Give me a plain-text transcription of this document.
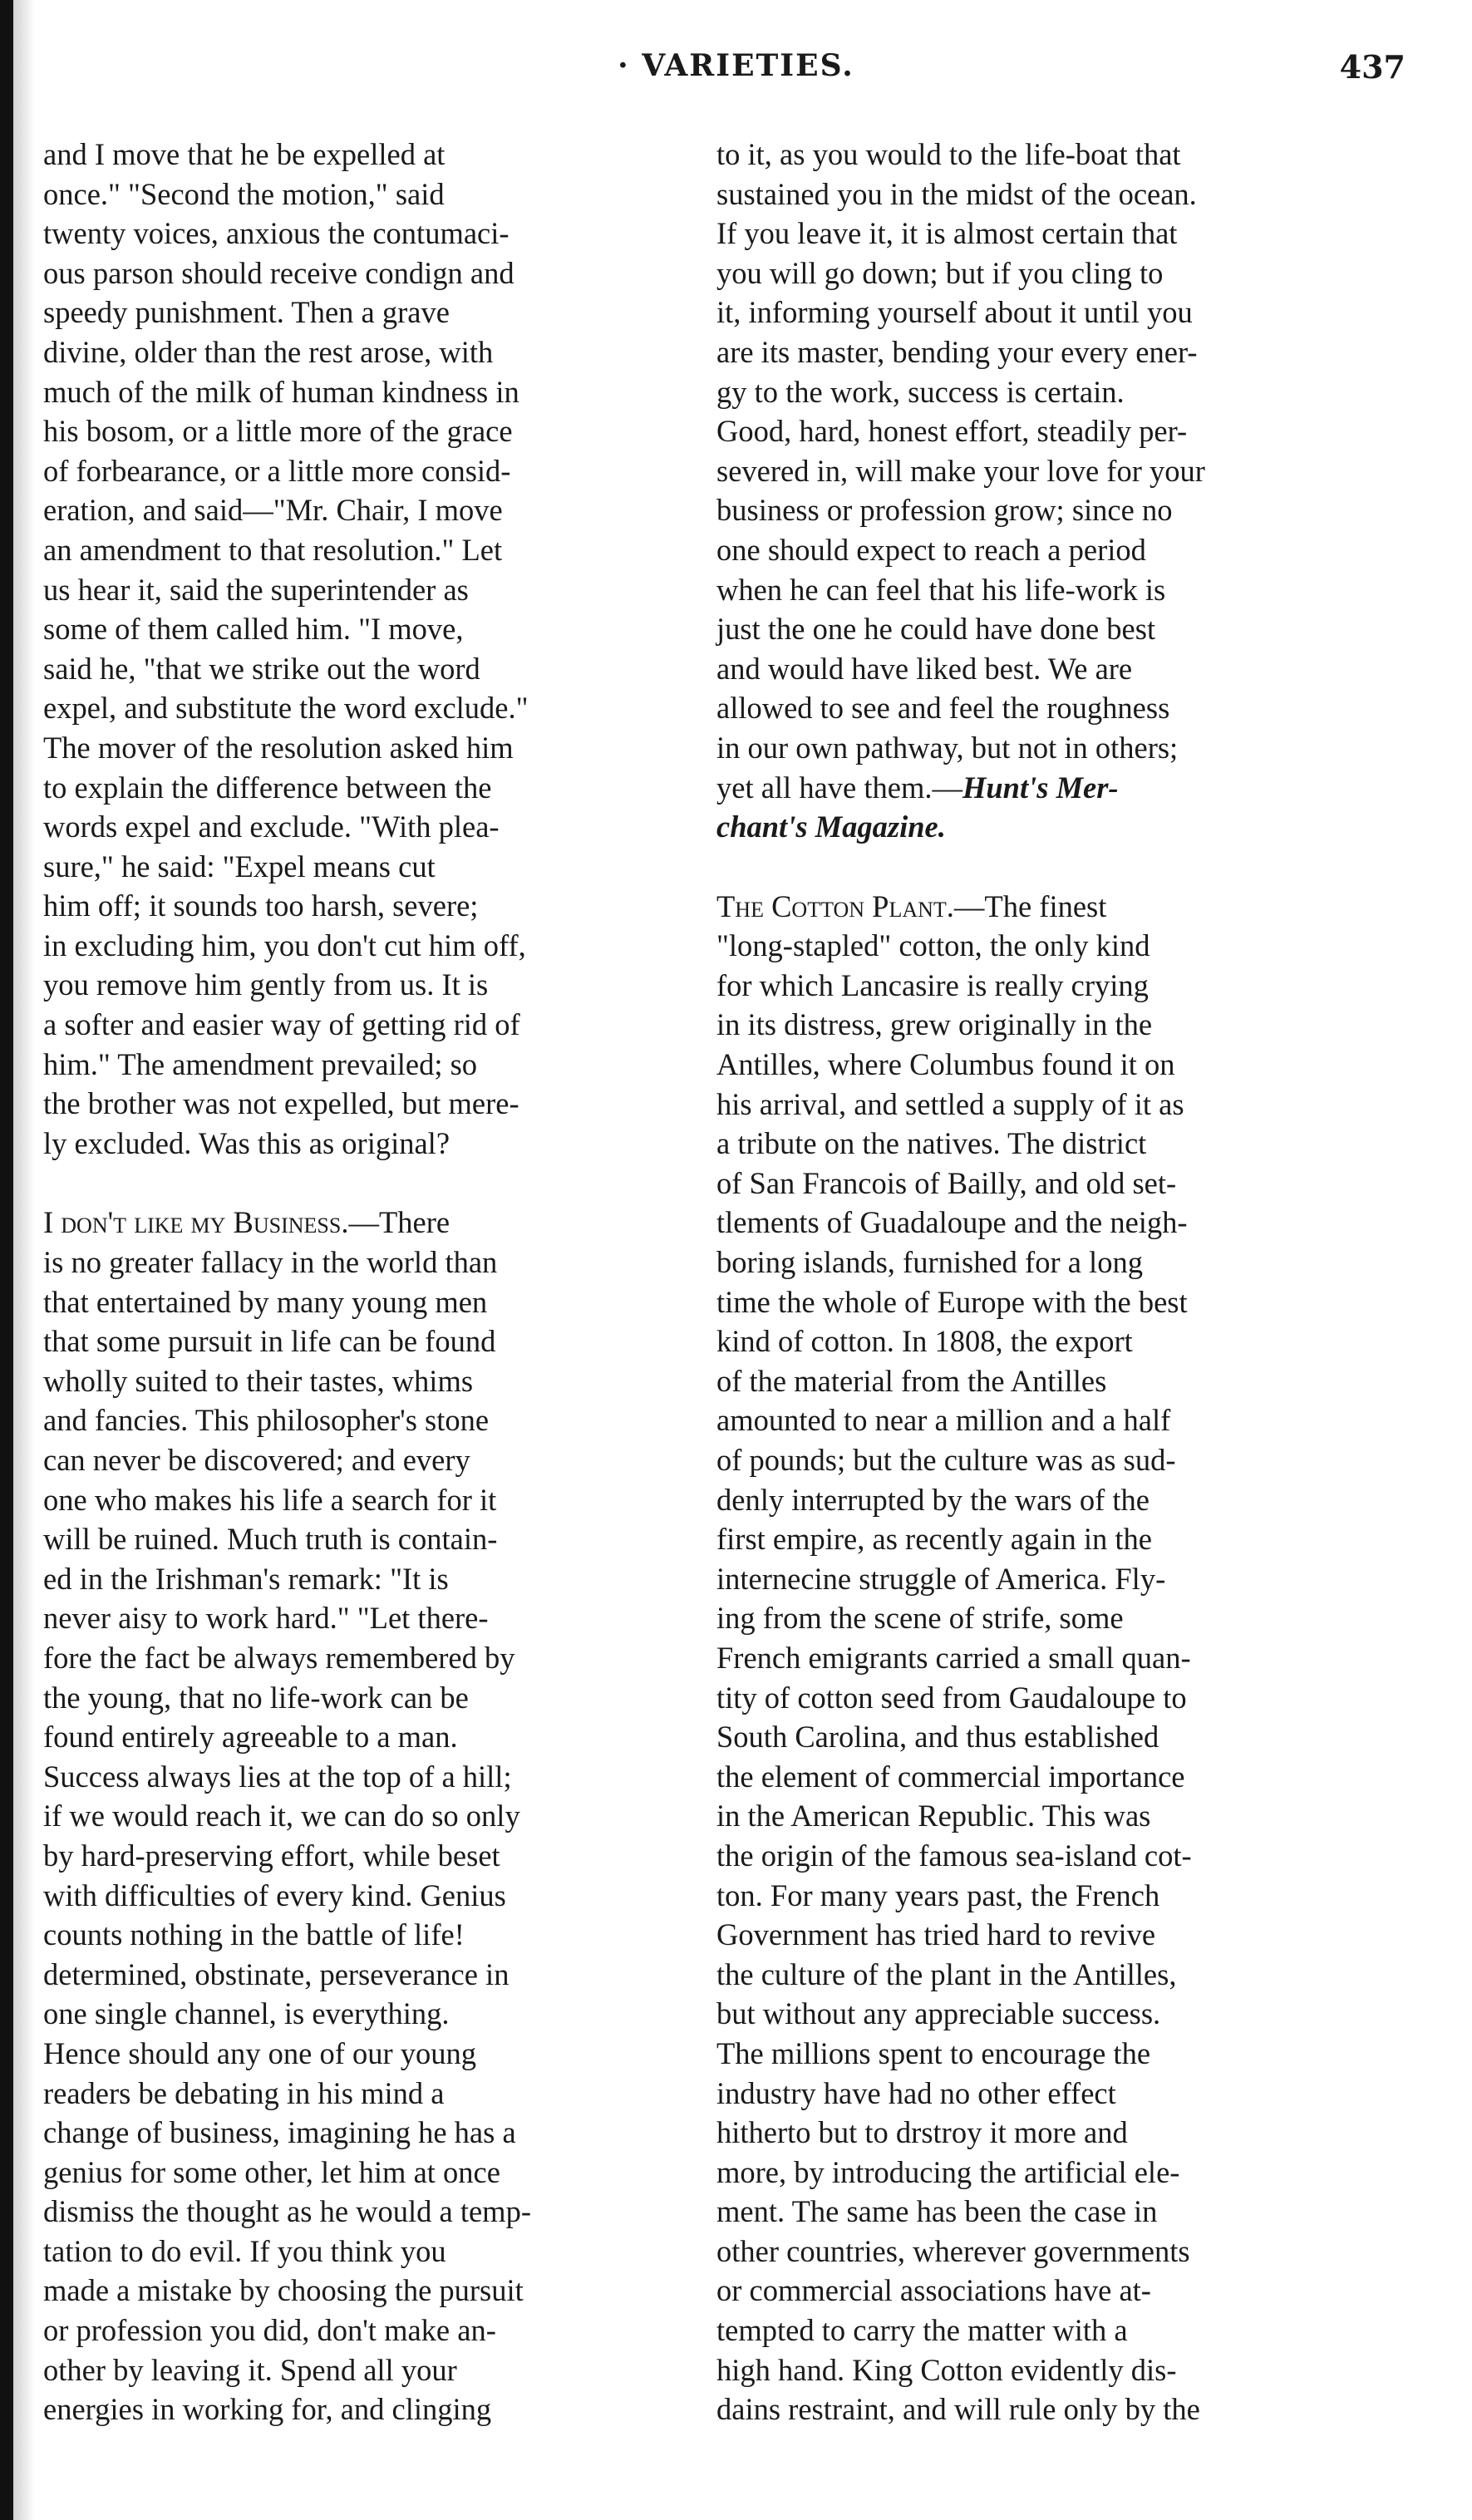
· VARIETIES.	437

and I move that he be expelled at
once." "Second the motion," said
twenty voices, anxious the contumaci-
ous parson should receive condign and
speedy punishment. Then a grave
divine, older than the rest arose, with
much of the milk of human kindness in
his bosom, or a little more of the grace
of forbearance, or a little more consid-
eration, and said—"Mr. Chair, I move
an amendment to that resolution." Let
us hear it, said the superintender as
some of them called him. "I move,
said he, "that we strike out the word
expel, and substitute the word exclude."
The mover of the resolution asked him
to explain the difference between the
words expel and exclude. "With plea-
sure," he said: "Expel means cut
him off; it sounds too harsh, severe;
in excluding him, you don't cut him off,
you remove him gently from us. It is
a softer and easier way of getting rid of
him." The amendment prevailed; so
the brother was not expelled, but mere-
ly excluded. Was this as original?

I don't like my Business.—There
is no greater fallacy in the world than
that entertained by many young men
that some pursuit in life can be found
wholly suited to their tastes, whims
and fancies. This philosopher's stone
can never be discovered; and every
one who makes his life a search for it
will be ruined. Much truth is contain-
ed in the Irishman's remark: "It is
never aisy to work hard." "Let there-
fore the fact be always remembered by
the young, that no life-work can be
found entirely agreeable to a man.
Success always lies at the top of a hill;
if we would reach it, we can do so only
by hard-preserving effort, while beset
with difficulties of every kind. Genius
counts nothing in the battle of life!
determined, obstinate, perseverance in
one single channel, is everything.
Hence should any one of our young
readers be debating in his mind a
change of business, imagining he has a
genius for some other, let him at once
dismiss the thought as he would a temp-
tation to do evil. If you think you
made a mistake by choosing the pursuit
or profession you did, don't make an-
other by leaving it. Spend all your
energies in working for, and clinging

to it, as you would to the life-boat that
sustained you in the midst of the ocean.
If you leave it, it is almost certain that
you will go down; but if you cling to
it, informing yourself about it until you
are its master, bending your every ener-
gy to the work, success is certain.
Good, hard, honest effort, steadily per-
severed in, will make your love for your
business or profession grow; since no
one should expect to reach a period
when he can feel that his life-work is
just the one he could have done best
and would have liked best. We are
allowed to see and feel the roughness
in our own pathway, but not in others;
yet all have them.—Hunt's Mer-
chant's Magazine.

The Cotton Plant.—The finest
"long-stapled" cotton, the only kind
for which Lancasire is really crying
in its distress, grew originally in the
Antilles, where Columbus found it on
his arrival, and settled a supply of it as
a tribute on the natives. The district
of San Francois of Bailly, and old set-
tlements of Guadaloupe and the neigh-
boring islands, furnished for a long
time the whole of Europe with the best
kind of cotton. In 1808, the export
of the material from the Antilles
amounted to near a million and a half
of pounds; but the culture was as sud-
denly interrupted by the wars of the
first empire, as recently again in the
internecine struggle of America. Fly-
ing from the scene of strife, some
French emigrants carried a small quan-
tity of cotton seed from Gaudaloupe to
South Carolina, and thus established
the element of commercial importance
in the American Republic. This was
the origin of the famous sea-island cot-
ton. For many years past, the French
Government has tried hard to revive
the culture of the plant in the Antilles,
but without any appreciable success.
The millions spent to encourage the
industry have had no other effect
hitherto but to drstroy it more and
more, by introducing the artificial ele-
ment. The same has been the case in
other countries, wherever governments
or commercial associations have at-
tempted to carry the matter with a
high hand. King Cotton evidently dis-
dains restraint, and will rule only by the
